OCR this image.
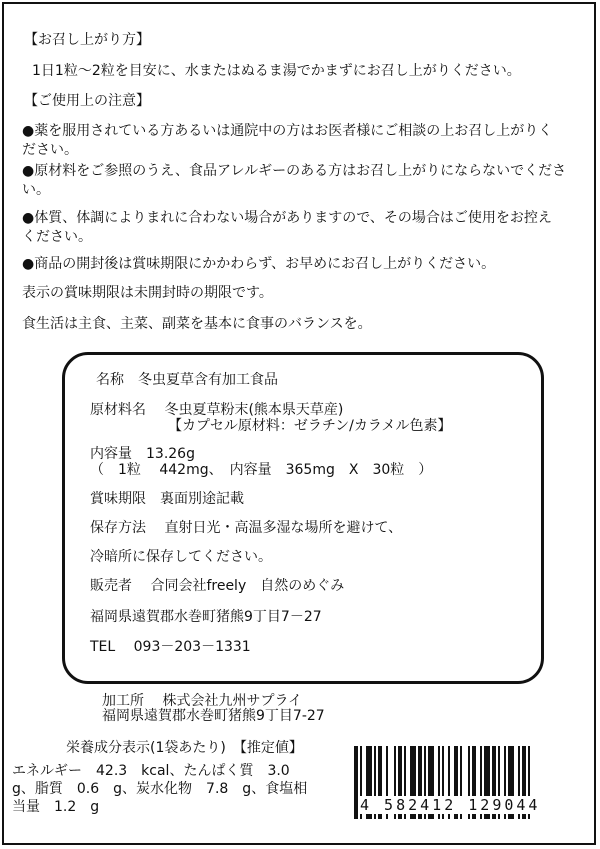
【お召し上がり方】
1日1粒～2粒を目安に、水またはぬるま湯でかまずにお召し上がりください。
【ご使用上の注意】
●薬を服用されている方あるいは通院中の方はお医者様にご相談の上お召し上がりく
ださい。
●原材料をご参照のうえ、食品アレルギーのある方はお召し上がりにならないでくださ
い。
●体質、体調によりまれに合わない場合がありますので、その場合はご使用をお控え
ください。
●商品の開封後は賞味期限にかかわらず、お早めにお召し上がりください。
表示の賞味期限は未開封時の期限です。
食生活は主食、主菜、副菜を基本に食事のバランスを。
名称　冬虫夏草含有加工食品
原材料名　 冬虫夏草粉末(熊本県天草産)
【カプセル原材料：ゼラチン/カラメル色素】
内容量　13.26g
（　1粒　 442mg、　内容量　365mg　X　30粒　）
賞味期限　裏面別途記載
保存方法　 直射日光・高温多湿な場所を避けて、
冷暗所に保存してください。
販売者　 合同会社freely　自然のめぐみ
福岡県遠賀郡水巻町猪熊9丁目7－27
TEL　 093－203－1331
加工所　 株式会社九州サプライ
福岡県遠賀郡水巻町猪熊9丁目7-27
栄養成分表示(1袋あたり)　【推定値】
エネルギー　42.3　kcal、たんぱく質　3.0
g、脂質　0.6　g、炭水化物　7.8　g、食塩相
当量　1.2　g	4 582412 129044
